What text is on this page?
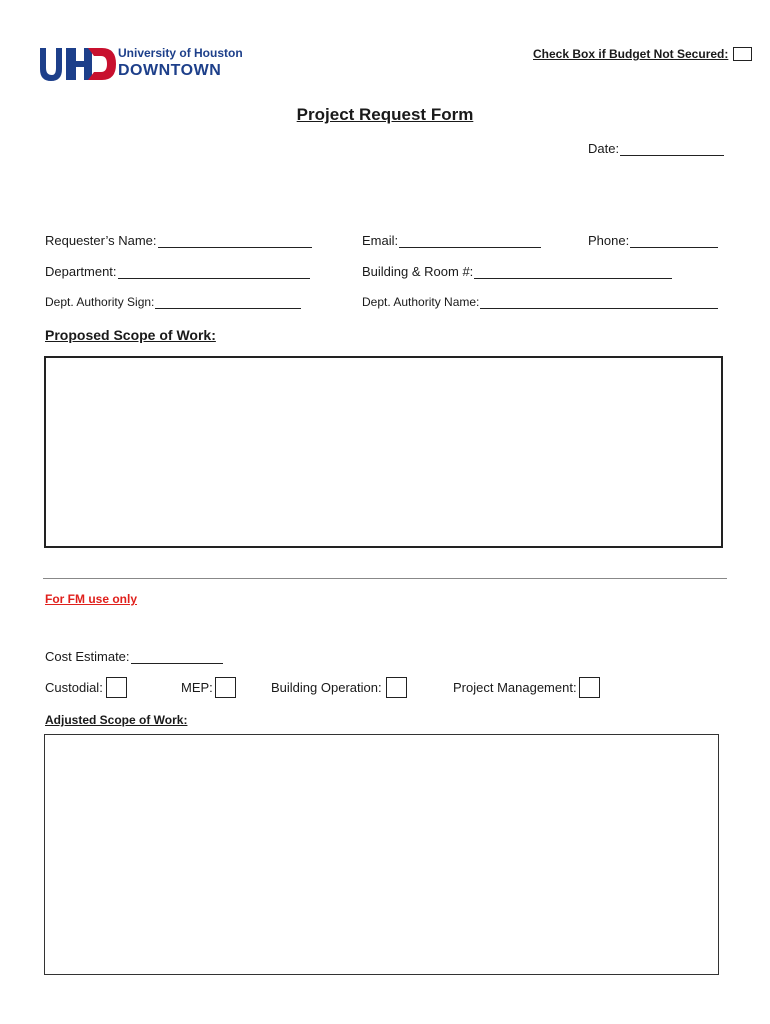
University of Houston
DOWNTOWN
Check Box if Budget Not Secured:
Project Request Form
Date:
Requester’s Name:	Email:	Phone:
Department:	Building & Room #:
Dept. Authority Sign:	Dept. Authority Name:
Proposed Scope of Work:
For FM use only
Cost Estimate:
Custodial:	MEP:	Building Operation:	Project Management:
Adjusted Scope of Work:
